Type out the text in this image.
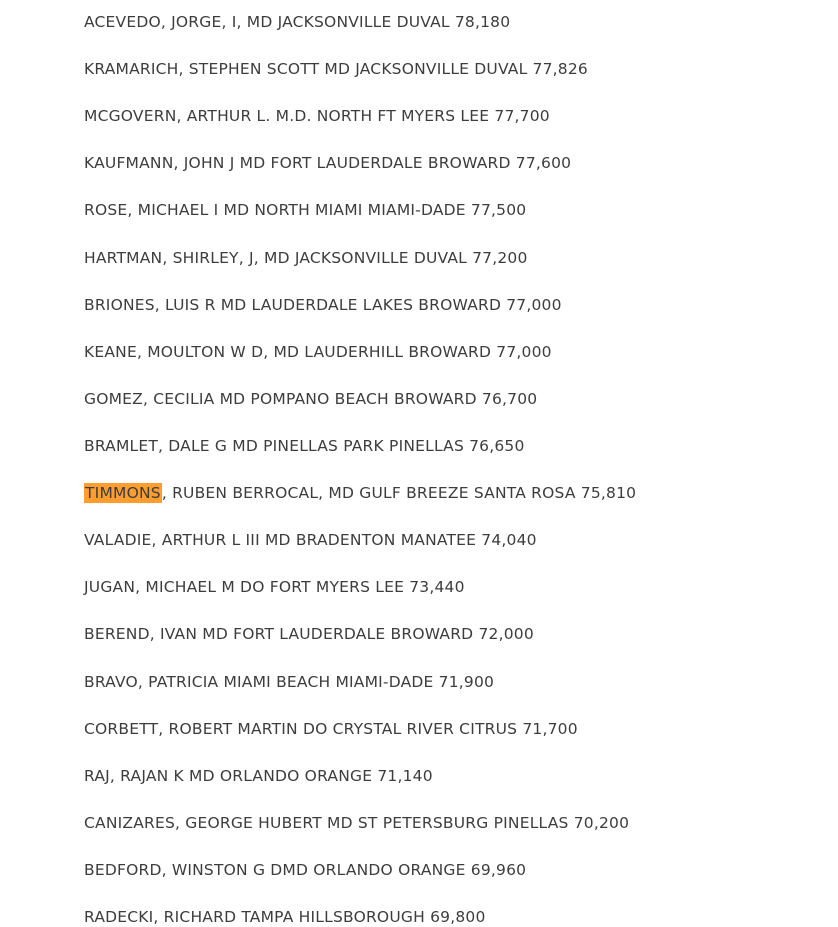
ACEVEDO, JORGE, I, MD JACKSONVILLE DUVAL 78,180
KRAMARICH, STEPHEN SCOTT MD JACKSONVILLE DUVAL 77,826
MCGOVERN, ARTHUR L. M.D. NORTH FT MYERS LEE 77,700
KAUFMANN, JOHN J MD FORT LAUDERDALE BROWARD 77,600
ROSE, MICHAEL I MD NORTH MIAMI MIAMI-DADE 77,500
HARTMAN, SHIRLEY, J, MD JACKSONVILLE DUVAL 77,200
BRIONES, LUIS R MD LAUDERDALE LAKES BROWARD 77,000
KEANE, MOULTON W D, MD LAUDERHILL BROWARD 77,000
GOMEZ, CECILIA MD POMPANO BEACH BROWARD 76,700
BRAMLET, DALE G MD PINELLAS PARK PINELLAS 76,650
TIMMONS, RUBEN BERROCAL, MD GULF BREEZE SANTA ROSA 75,810
VALADIE, ARTHUR L III MD BRADENTON MANATEE 74,040
JUGAN, MICHAEL M DO FORT MYERS LEE 73,440
BEREND, IVAN MD FORT LAUDERDALE BROWARD 72,000
BRAVO, PATRICIA MIAMI BEACH MIAMI-DADE 71,900
CORBETT, ROBERT MARTIN DO CRYSTAL RIVER CITRUS 71,700
RAJ, RAJAN K MD ORLANDO ORANGE 71,140
CANIZARES, GEORGE HUBERT MD ST PETERSBURG PINELLAS 70,200
BEDFORD, WINSTON G DMD ORLANDO ORANGE 69,960
RADECKI, RICHARD TAMPA HILLSBOROUGH 69,800
